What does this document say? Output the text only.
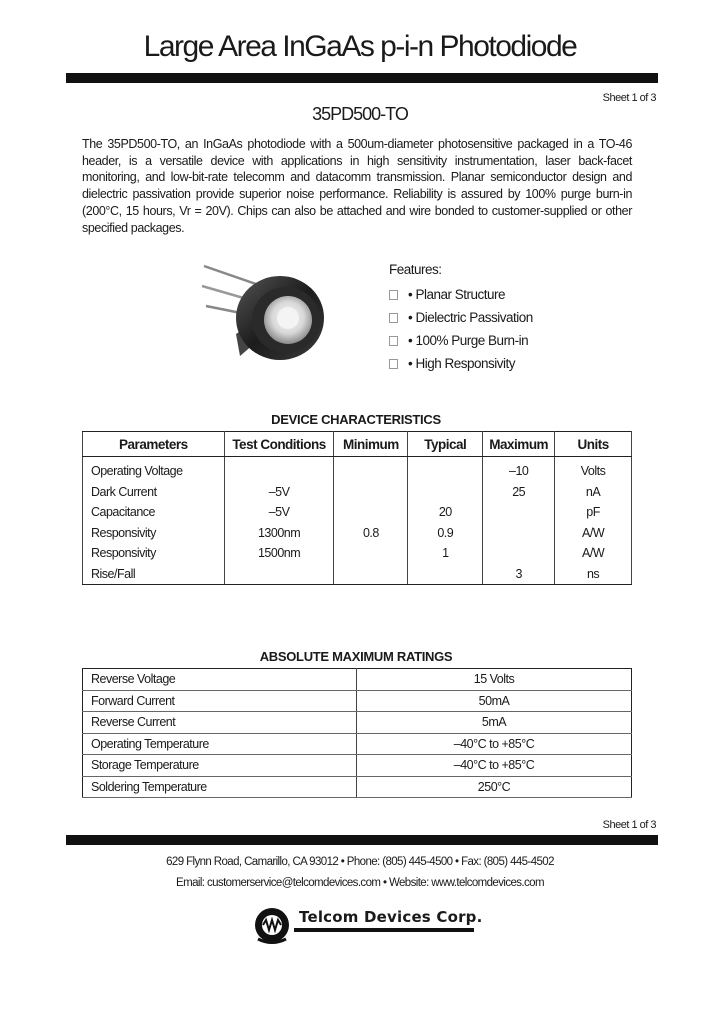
Large Area InGaAs p-i-n Photodiode
Sheet 1 of 3
35PD500-TO
The 35PD500-TO, an InGaAs photodiode with a 500um-diameter photosensitive packaged in a TO-46 header, is a versatile device with applications in high sensitivity instrumentation, laser back-facet monitoring, and low-bit-rate telecomm and datacomm transmission. Planar semiconductor design and dielectric passivation provide superior noise performance. Reliability is assured by 100% purge burn-in (200°C, 15 hours, Vr = 20V). Chips can also be attached and wire bonded to customer-supplied or other specified packages.
Features:
• Planar Structure
• Dielectric Passivation
• 100% Purge Burn-in
• High Responsivity
DEVICE CHARACTERISTICS
Parameters	Test Conditions	Minimum	Typical	Maximum	Units
Operating Voltage				–10	Volts
Dark Current	–5V			25	nA
Capacitance	–5V		20		pF
Responsivity	1300nm	0.8	0.9		A/W
Responsivity	1500nm		1		A/W
Rise/Fall				3	ns
ABSOLUTE MAXIMUM RATINGS
Reverse Voltage	15 Volts
Forward Current	50mA
Reverse Current	5mA
Operating Temperature	–40°C to +85°C
Storage Temperature	–40°C to +85°C
Soldering Temperature	250°C
Sheet 1 of 3
629 Flynn Road, Camarillo, CA 93012 • Phone: (805) 445-4500 • Fax: (805) 445-4502
Email: customerservice@telcomdevices.com • Website: www.telcomdevices.com
Telcom Devices Corp.
